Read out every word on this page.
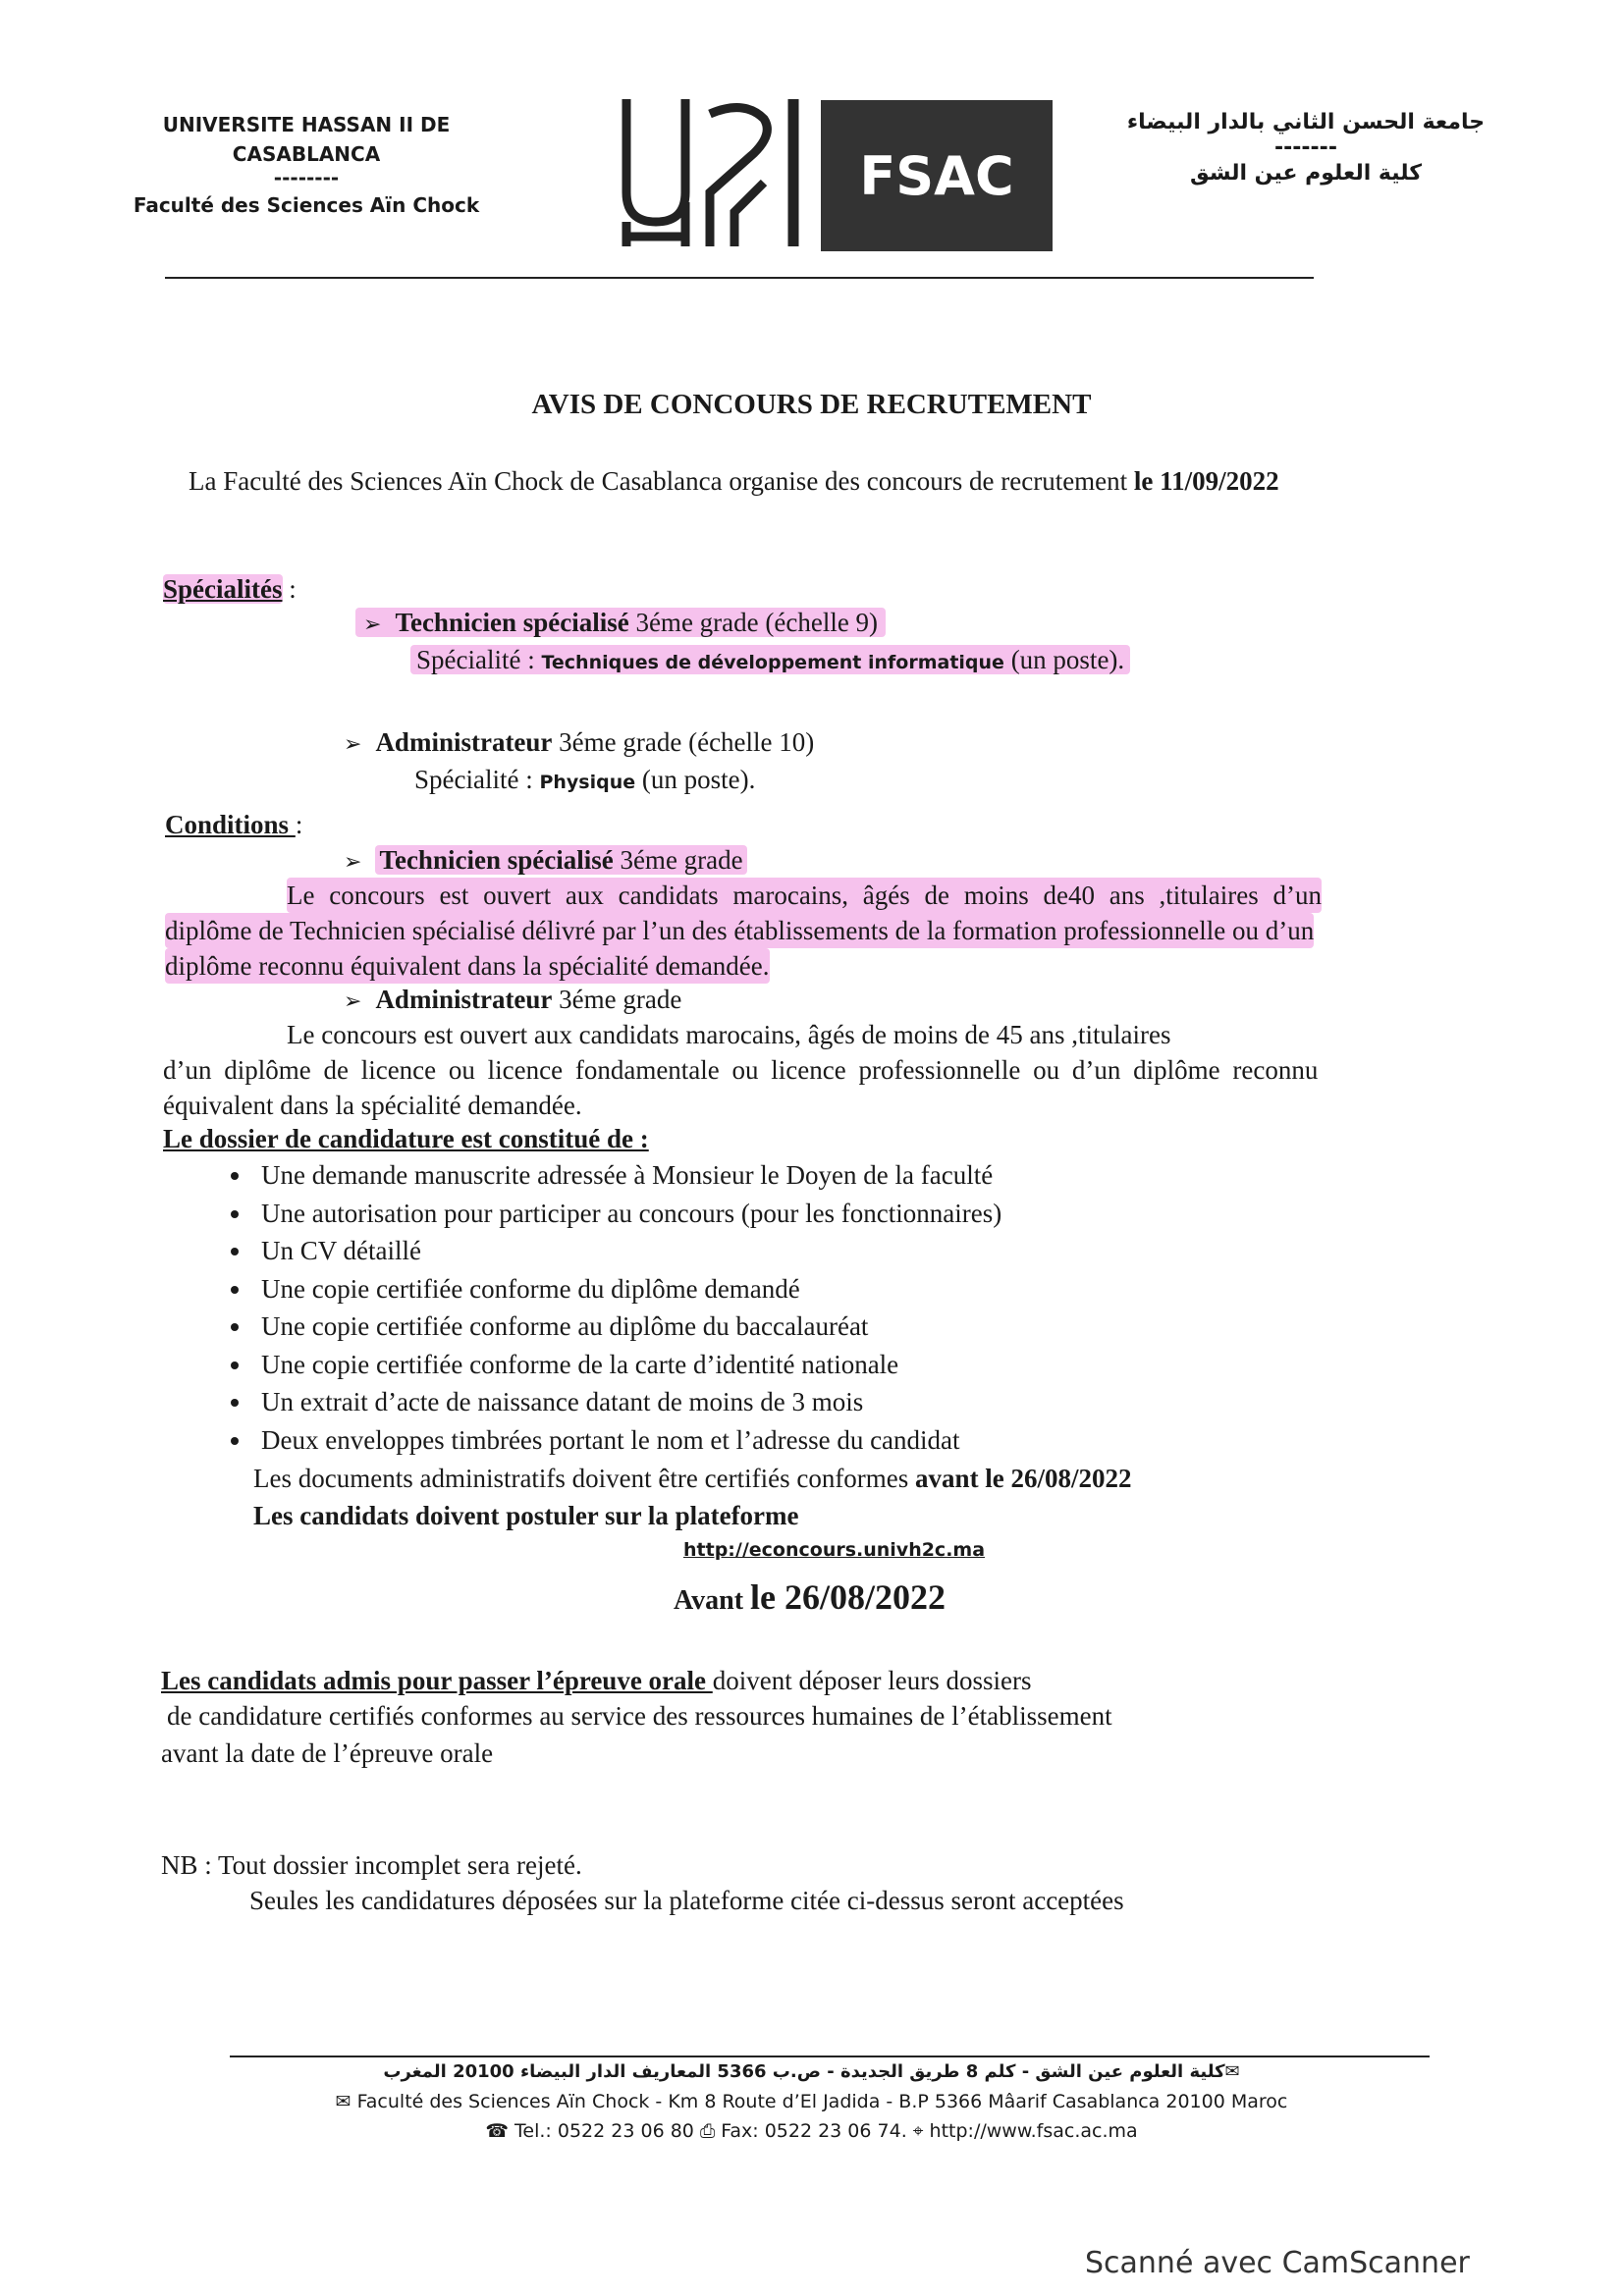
UNIVERSITE HASSAN II DE CASABLANCA
--------
Faculté des Sciences Aïn Chock	FSAC
جامعة الحسن الثاني بالدار البيضاء
-------
كلية العلوم عين الشق
AVIS DE CONCOURS DE RECRUTEMENT
La Faculté des Sciences Aïn Chock de Casablanca organise des concours de recrutement le 11/09/2022
Spécialités :
➢ Technicien spécialisé 3éme grade (échelle 9)
Spécialité : Techniques de développement informatique (un poste).
➢ Administrateur 3éme grade (échelle 10)
Spécialité : Physique (un poste).
Conditions :
➢ Technicien spécialisé 3éme grade
Le concours est ouvert aux candidats marocains, âgés de moins de40 ans ,titulaires d’un
diplôme de Technicien spécialisé délivré par l’un des établissements de la formation professionnelle ou d’un
diplôme reconnu équivalent dans la spécialité demandée.
➢ Administrateur 3éme grade
Le concours est ouvert aux candidats marocains, âgés de moins de 45 ans ,titulaires
d’un diplôme de licence ou licence fondamentale ou licence professionnelle ou d’un diplôme reconnu
équivalent dans la spécialité demandée.
Le dossier de candidature est constitué de :
• Une demande manuscrite adressée à Monsieur le Doyen de la faculté
• Une autorisation pour participer au concours (pour les fonctionnaires)
• Un CV détaillé
• Une copie certifiée conforme du diplôme demandé
• Une copie certifiée conforme au diplôme du baccalauréat
• Une copie certifiée conforme de la carte d’identité nationale
• Un extrait d’acte de naissance datant de moins de 3 mois
• Deux enveloppes timbrées portant le nom et l’adresse du candidat
Les documents administratifs doivent être certifiés conformes avant le 26/08/2022
Les candidats doivent postuler sur la plateforme
http://econcours.univh2c.ma
Avant le 26/08/2022
Les candidats admis pour passer l’épreuve orale doivent déposer leurs dossiers
de candidature certifiés conformes au service des ressources humaines de l’établissement
avant la date de l’épreuve orale
NB : Tout dossier incomplet sera rejeté.
Seules les candidatures déposées sur la plateforme citée ci-dessus seront acceptées
✉كلية العلوم عين الشق - كلم 8 طريق الجديدة - ص.ب 5366 المعاريف الدار البيضاء 20100 المغرب
✉ Faculté des Sciences Aïn Chock - Km 8 Route d’El Jadida - B.P 5366 Mâarif Casablanca 20100 Maroc
☎ Tel.: 0522 23 06 80 ⎙ Fax: 0522 23 06 74. ⌖ http://www.fsac.ac.ma
Scanné avec CamScanner
